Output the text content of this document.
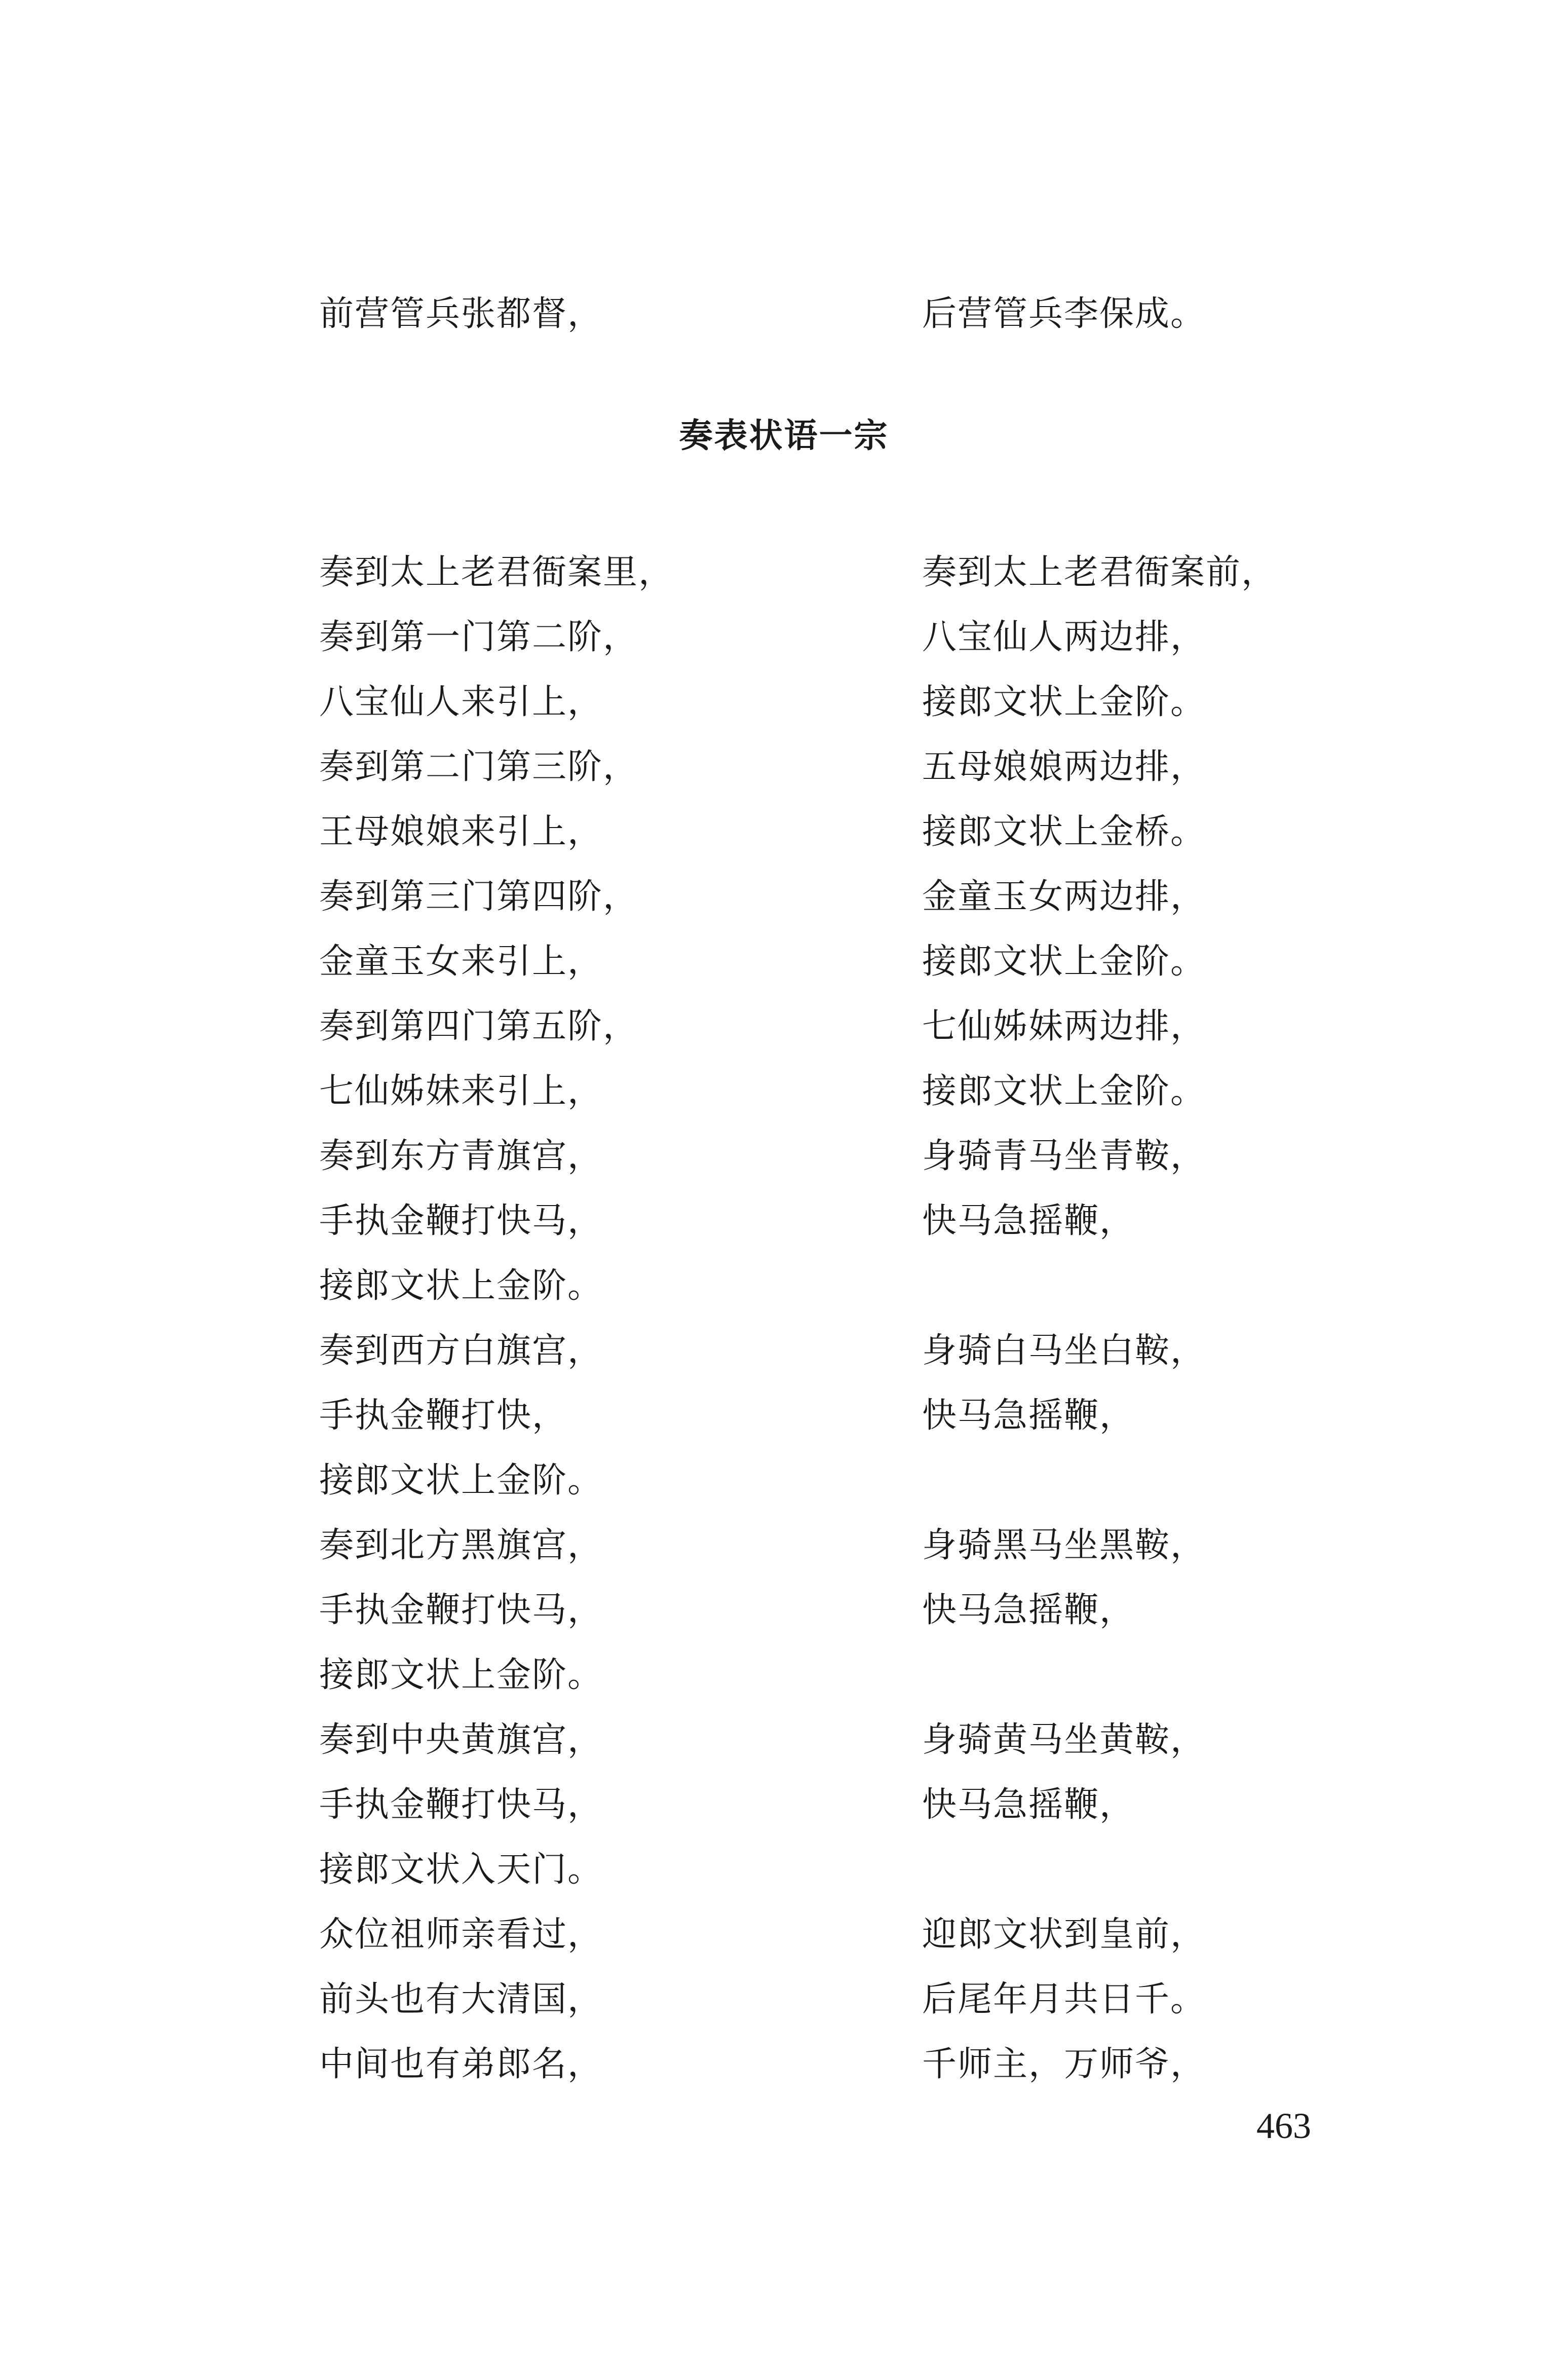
前营管兵张都督，	后营管兵李保成。
奏表状语一宗
奏到太上老君衙案里，	奏到太上老君衙案前，
奏到第一门第二阶，	八宝仙人两边排，
八宝仙人来引上，	接郎文状上金阶。
奏到第二门第三阶，	五母娘娘两边排，
王母娘娘来引上，	接郎文状上金桥。
奏到第三门第四阶，	金童玉女两边排，
金童玉女来引上，	接郎文状上金阶。
奏到第四门第五阶，	七仙姊妹两边排，
七仙姊妹来引上，	接郎文状上金阶。
奏到东方青旗宫，	身骑青马坐青鞍，
手执金鞭打快马，	快马急摇鞭，
接郎文状上金阶。
奏到西方白旗宫，	身骑白马坐白鞍，
手执金鞭打快，	快马急摇鞭，
接郎文状上金阶。
奏到北方黑旗宫，	身骑黑马坐黑鞍，
手执金鞭打快马，	快马急摇鞭，
接郎文状上金阶。
奏到中央黄旗宫，	身骑黄马坐黄鞍，
手执金鞭打快马，	快马急摇鞭，
接郎文状入天门。
众位祖师亲看过，	迎郎文状到皇前，
前头也有大清国，	后尾年月共日千。
中间也有弟郎名，	千师主，万师爷，
463
